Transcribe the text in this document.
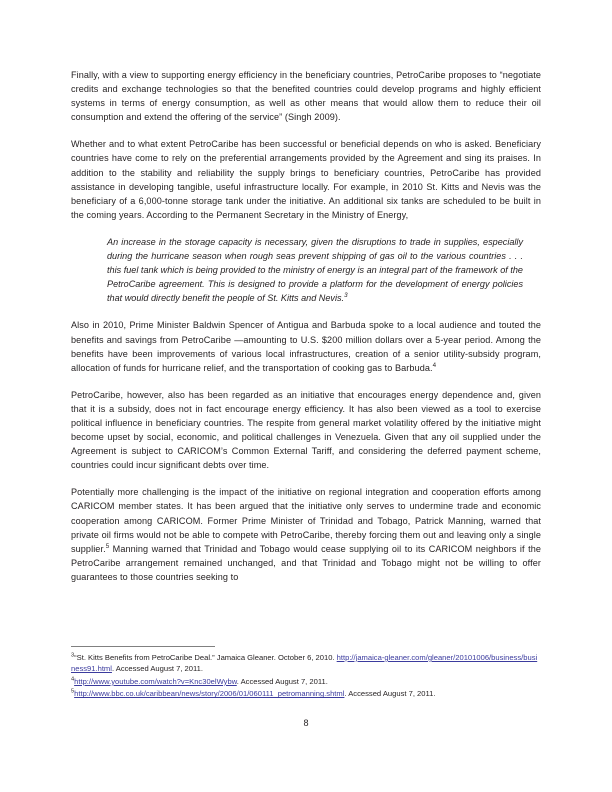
Finally, with a view to supporting energy efficiency in the beneficiary countries, PetroCaribe proposes to “negotiate credits and exchange technologies so that the benefited countries could develop programs and highly efficient systems in terms of energy consumption, as well as other means that would allow them to reduce their oil consumption and extend the offering of the service” (Singh 2009).

Whether and to what extent PetroCaribe has been successful or beneficial depends on who is asked. Beneficiary countries have come to rely on the preferential arrangements provided by the Agreement and sing its praises. In addition to the stability and reliability the supply brings to beneficiary countries, PetroCaribe has provided assistance in developing tangible, useful infrastructure locally. For example, in 2010 St. Kitts and Nevis was the beneficiary of a 6,000-tonne storage tank under the initiative. An additional six tanks are scheduled to be built in the coming years. According to the Permanent Secretary in the Ministry of Energy,

An increase in the storage capacity is necessary, given the disruptions to trade in supplies, especially during the hurricane season when rough seas prevent shipping of gas oil to the various countries . . . this fuel tank which is being provided to the ministry of energy is an integral part of the framework of the PetroCaribe agreement. This is designed to provide a platform for the development of energy policies that would directly benefit the people of St. Kitts and Nevis.$^3$

Also in 2010, Prime Minister Baldwin Spencer of Antigua and Barbuda spoke to a local audience and touted the benefits and savings from PetroCaribe —amounting to U.S. $200 million dollars over a 5-year period. Among the benefits have been improvements of various local infrastructures, creation of a senior utility-subsidy program, allocation of funds for hurricane relief, and the transportation of cooking gas to Barbuda.$^4$

PetroCaribe, however, also has been regarded as an initiative that encourages energy dependence and, given that it is a subsidy, does not in fact encourage energy efficiency. It has also been viewed as a tool to exercise political influence in beneficiary countries. The respite from general market volatility offered by the initiative might become upset by social, economic, and political challenges in Venezuela. Given that any oil supplied under the Agreement is subject to CARICOM’s Common External Tariff, and considering the deferred payment scheme, countries could incur significant debts over time.

Potentially more challenging is the impact of the initiative on regional integration and cooperation efforts among CARICOM member states. It has been argued that the initiative only serves to undermine trade and economic cooperation among CARICOM. Former Prime Minister of Trinidad and Tobago, Patrick Manning, warned that private oil firms would not be able to compete with PetroCaribe, thereby forcing them out and leaving only a single supplier.$^5$ Manning warned that Trinidad and Tobago would cease supplying oil to its CARICOM neighbors if the PetroCaribe arrangement remained unchanged, and that Trinidad and Tobago might not be willing to offer guarantees to those countries seeking to

$^3$“St. Kitts Benefits from PetroCaribe Deal.” Jamaica Gleaner. October 6, 2010. http://jamaica-gleaner.com/gleaner/20101006/business/business91.html. Accessed August 7, 2011.

$^4$http://www.youtube.com/watch?v=Knc30elWybw. Accessed August 7, 2011.

$^5$http://www.bbc.co.uk/caribbean/news/story/2006/01/060111_petromanning.shtml. Accessed August 7, 2011.

8
